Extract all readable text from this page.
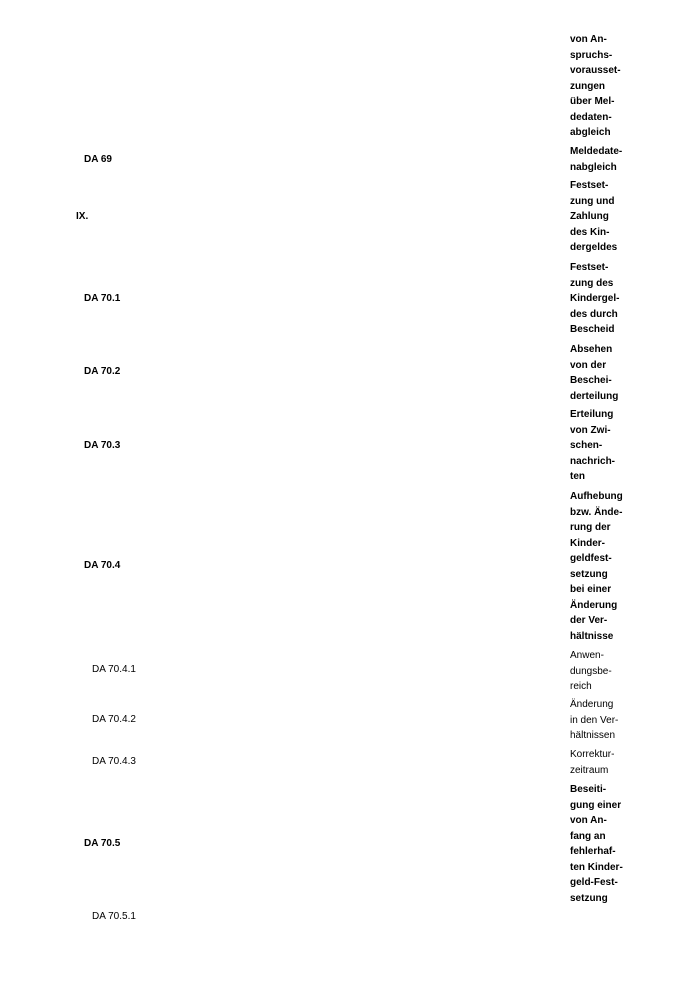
von An-
spruchs-
vorausset-
zungen
über Mel-
dedaten-
abgleich
DA 69
Meldedate-
nabgleich
IX.
Festset-
zung und
Zahlung
des Kin-
dergeldes
DA 70.1
Festset-
zung des
Kindergel-
des durch
Bescheid
DA 70.2
Absehen
von der
Beschei-
derteilung
DA 70.3
Erteilung
von Zwi-
schen-
nachrich-
ten
DA 70.4
Aufhebung
bzw. Ände-
rung der
Kinder-
geldfest-
setzung
bei einer
Änderung
der Ver-
hältnisse
DA 70.4.1
Anwen-
dungsbe-
reich
DA 70.4.2
Änderung
in den Ver-
hältnissen
DA 70.4.3
Korrektur-
zeitraum
DA 70.5
Beseiti-
gung einer
von An-
fang an
fehlerhaf-
ten Kinder-
geld-Fest-
setzung
DA 70.5.1
